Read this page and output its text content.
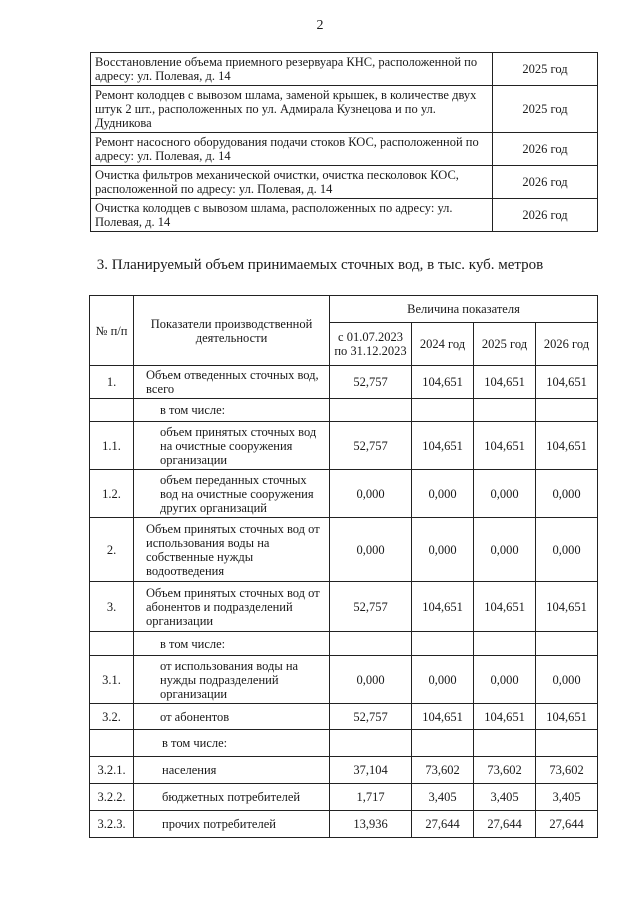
2
Восстановление объема приемного резервуара КНС, расположенной по адресу: ул. Полевая, д. 14	2025 год
Ремонт колодцев с вывозом шлама, заменой крышек, в количестве двух штук 2 шт., расположенных по ул. Адмирала Кузнецова и по ул. Дудникова	2025 год
Ремонт насосного оборудования подачи стоков КОС, расположенной по адресу: ул. Полевая, д. 14	2026 год
Очистка фильтров механической очистки, очистка песколовок КОС, расположенной по адресу: ул. Полевая, д. 14	2026 год
Очистка колодцев с вывозом шлама, расположенных по адресу: ул. Полевая, д. 14	2026 год
3. Планируемый объем принимаемых сточных вод, в тыс. куб. метров
№ п/п	Показатели производственной деятельности	Величина показателя			
		с 01.07.2023 по 31.12.2023	2024 год	2025 год	2026 год
1.	Объем отведенных сточных вод, всего	52,757	104,651	104,651	104,651
	в том числе:				
1.1.	объем принятых сточных вод на очистные сооружения организации	52,757	104,651	104,651	104,651
1.2.	объем переданных сточных вод на очистные сооружения других организаций	0,000	0,000	0,000	0,000
2.	Объем принятых сточных вод от использования воды на собственные нужды водоотведения	0,000	0,000	0,000	0,000
3.	Объем принятых сточных вод от абонентов и подразделений организации	52,757	104,651	104,651	104,651
	в том числе:				
3.1.	от использования воды на нужды подразделений организации	0,000	0,000	0,000	0,000
3.2.	от абонентов	52,757	104,651	104,651	104,651
	в том числе:				
3.2.1.	населения	37,104	73,602	73,602	73,602
3.2.2.	бюджетных потребителей	1,717	3,405	3,405	3,405
3.2.3.	прочих потребителей	13,936	27,644	27,644	27,644
